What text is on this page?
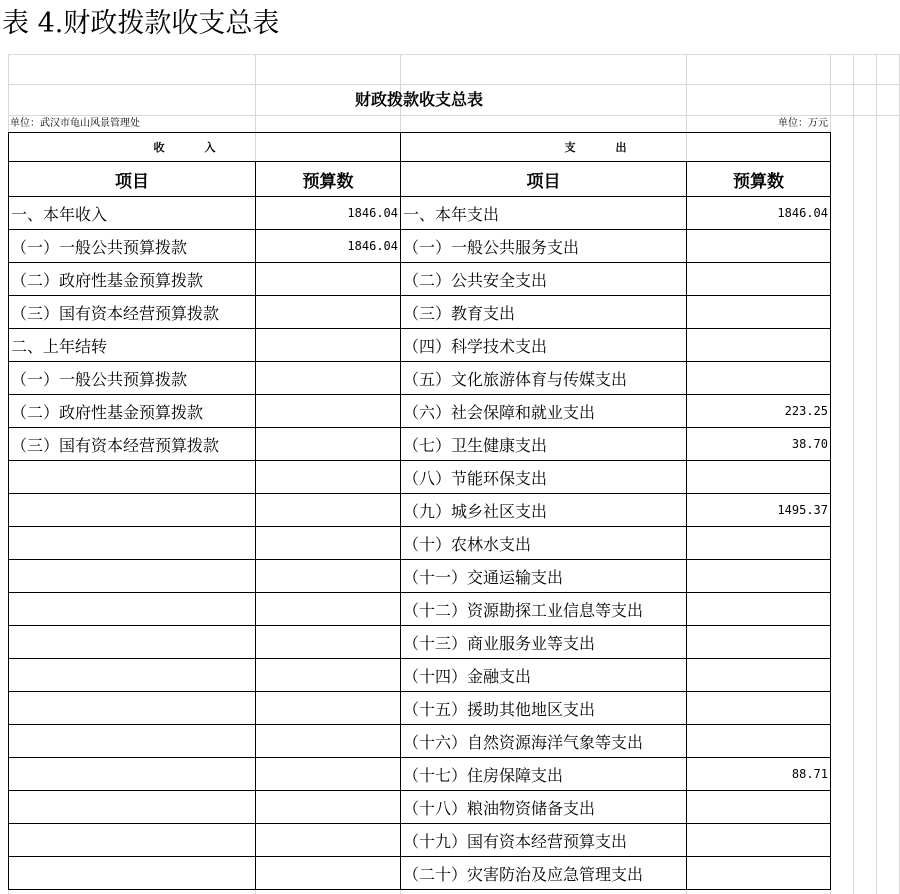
表 4.财政拨款收支总表
财政拨款收支总表
单位：武汉市龟山风景管理处	单位：万元
收入		支出	
项目	预算数	项目	预算数
一、本年收入	1846.04	一、本年支出	1846.04
（一）一般公共预算拨款	1846.04	（一）一般公共服务支出	
（二）政府性基金预算拨款		（二）公共安全支出	
（三）国有资本经营预算拨款		（三）教育支出	
二、上年结转		（四）科学技术支出	
（一）一般公共预算拨款		（五）文化旅游体育与传媒支出	
（二）政府性基金预算拨款		（六）社会保障和就业支出	223.25
（三）国有资本经营预算拨款		（七）卫生健康支出	38.70
		（八）节能环保支出	
		（九）城乡社区支出	1495.37
		（十）农林水支出	
		（十一）交通运输支出	
		（十二）资源勘探工业信息等支出	
		（十三）商业服务业等支出	
		（十四）金融支出	
		（十五）援助其他地区支出	
		（十六）自然资源海洋气象等支出	
		（十七）住房保障支出	88.71
		（十八）粮油物资储备支出	
		（十九）国有资本经营预算支出	
		（二十）灾害防治及应急管理支出	
